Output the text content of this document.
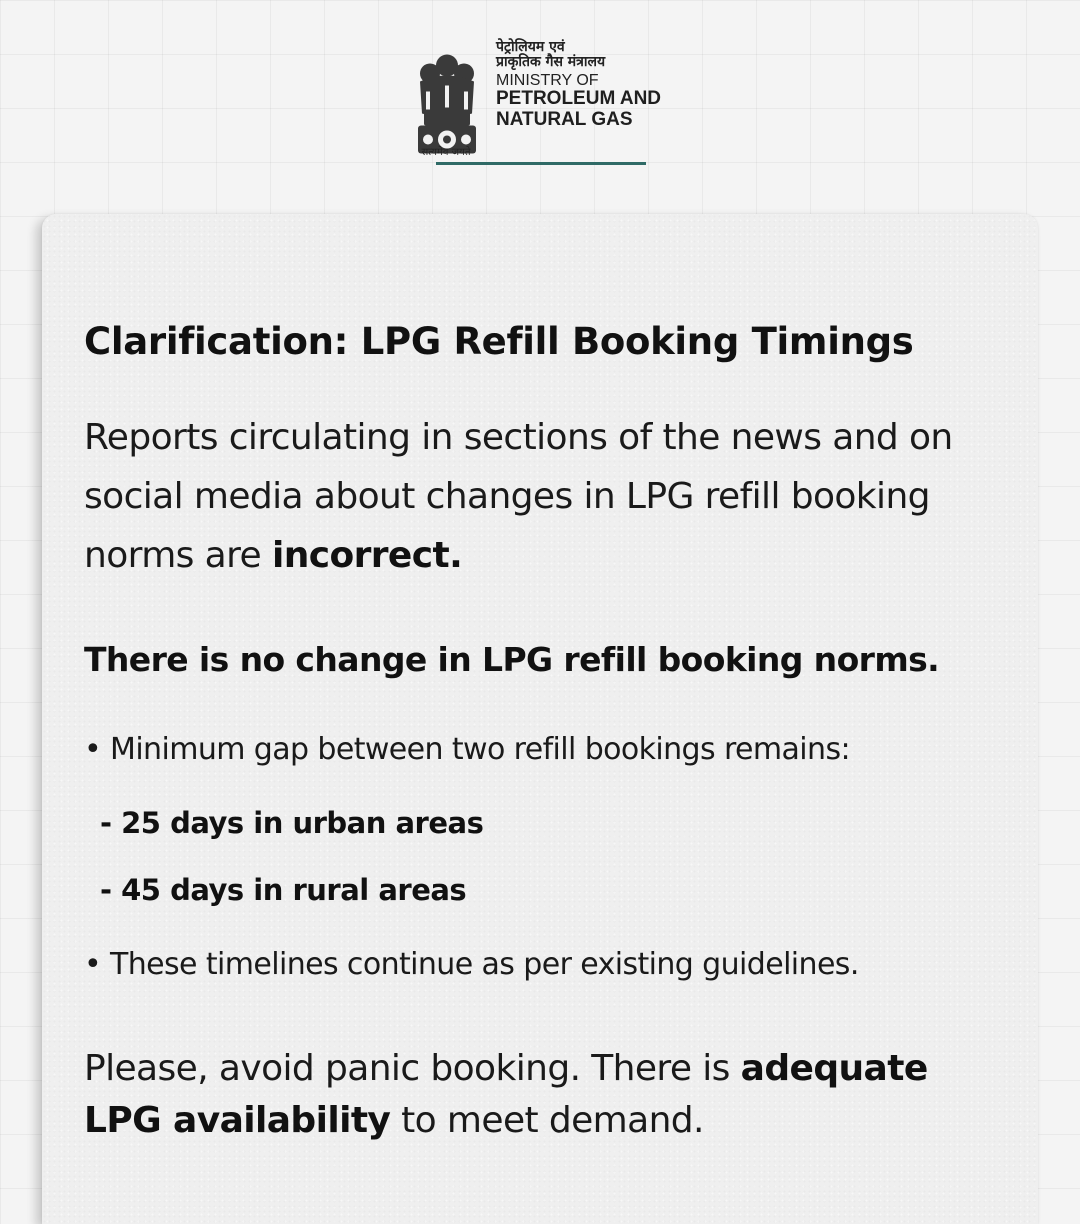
सत्यमेव जयते
पेट्रोलियम एवं
प्राकृतिक गैस मंत्रालय
MINISTRY OF
PETROLEUM AND
NATURAL GAS
Clarification: LPG Refill Booking Timings

Reports circulating in sections of the news and on social media about changes in LPG refill booking norms are incorrect.

There is no change in LPG refill booking norms.
• Minimum gap between two refill bookings remains:
- 25 days in urban areas
- 45 days in rural areas
• These timelines continue as per existing guidelines.

Please, avoid panic booking. There is adequate LPG availability to meet demand.
